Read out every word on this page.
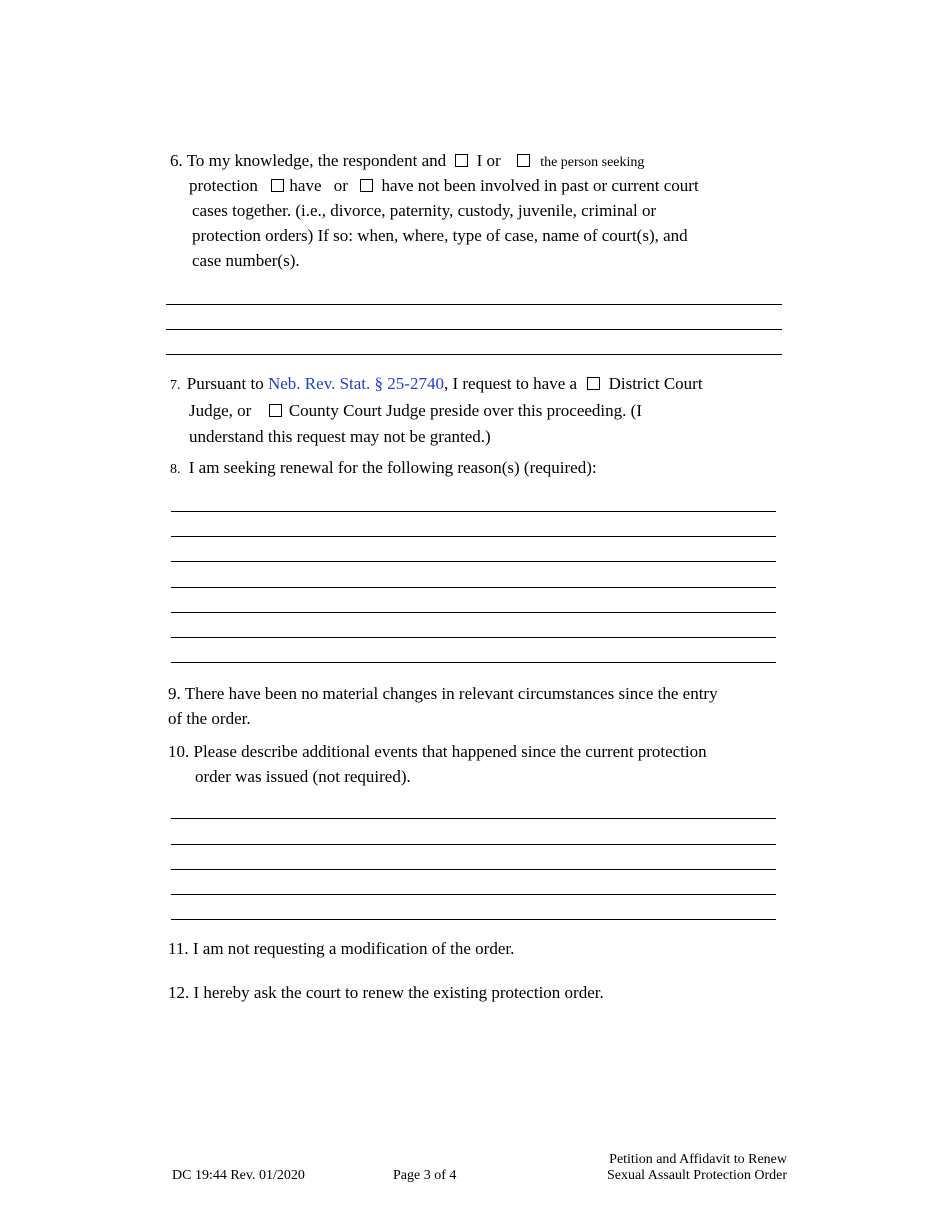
6. To my knowledge, the respondent and I or	the person seeking
protection have or have not been involved in past or current court
cases together. (i.e., divorce, paternity, custody, juvenile, criminal or
protection orders) If so: when, where, type of case, name of court(s), and
case number(s).
7. Pursuant to Neb. Rev. Stat. § 25-2740, I request to have a District Court
Judge, or County Court Judge preside over this proceeding. (I
understand this request may not be granted.)
8. I am seeking renewal for the following reason(s) (required):
9. There have been no material changes in relevant circumstances since the entry
of the order.
10. Please describe additional events that happened since the current protection
order was issued (not required).
11. I am not requesting a modification of the order.
12. I hereby ask the court to renew the existing protection order.
DC 19:44 Rev. 01/2020	Page 3 of 4
Petition and Affidavit to Renew
Sexual Assault Protection Order
